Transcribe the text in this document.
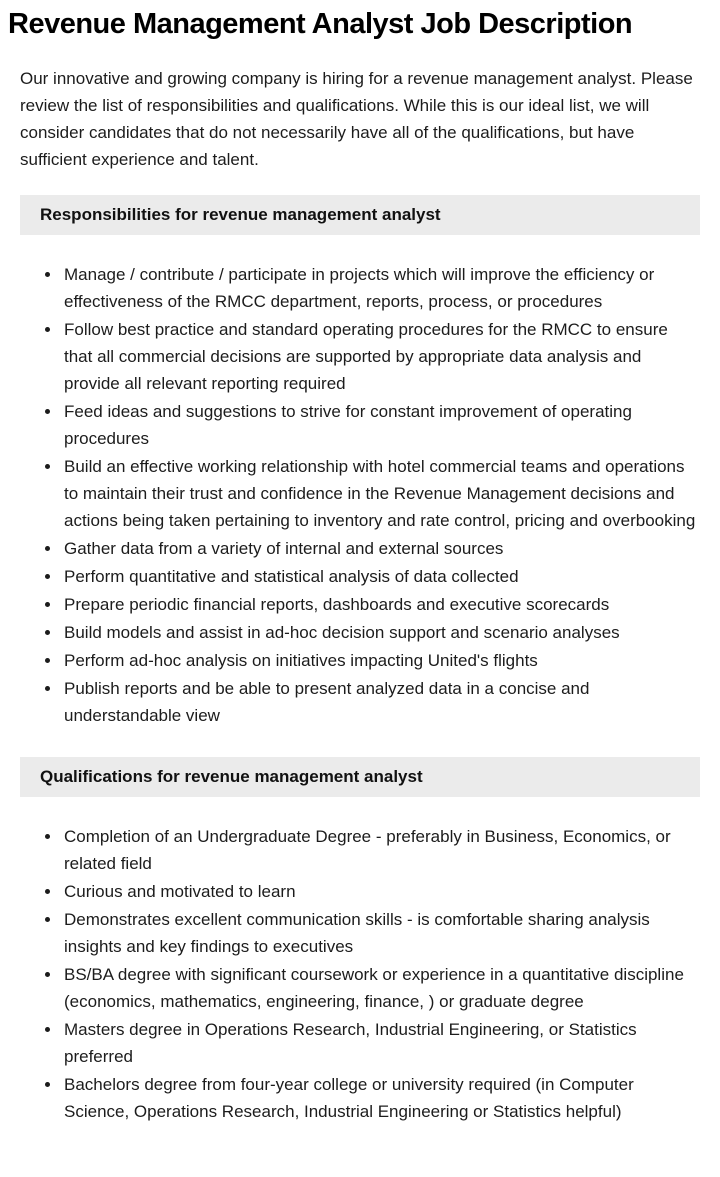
Revenue Management Analyst Job Description

Our innovative and growing company is hiring for a revenue management analyst. Please review the list of responsibilities and qualifications. While this is our ideal list, we will consider candidates that do not necessarily have all of the qualifications, but have sufficient experience and talent.

Responsibilities for revenue management analyst
• Manage / contribute / participate in projects which will improve the efficiency or effectiveness of the RMCC department, reports, process, or procedures
• Follow best practice and standard operating procedures for the RMCC to ensure that all commercial decisions are supported by appropriate data analysis and provide all relevant reporting required
• Feed ideas and suggestions to strive for constant improvement of operating procedures
• Build an effective working relationship with hotel commercial teams and operations to maintain their trust and confidence in the Revenue Management decisions and actions being taken pertaining to inventory and rate control, pricing and overbooking
• Gather data from a variety of internal and external sources
• Perform quantitative and statistical analysis of data collected
• Prepare periodic financial reports, dashboards and executive scorecards
• Build models and assist in ad-hoc decision support and scenario analyses
• Perform ad-hoc analysis on initiatives impacting United's flights
• Publish reports and be able to present analyzed data in a concise and understandable view
Qualifications for revenue management analyst
• Completion of an Undergraduate Degree - preferably in Business, Economics, or related field
• Curious and motivated to learn
• Demonstrates excellent communication skills - is comfortable sharing analysis insights and key findings to executives
• BS/BA degree with significant coursework or experience in a quantitative discipline (economics, mathematics, engineering, finance, ) or graduate degree
• Masters degree in Operations Research, Industrial Engineering, or Statistics preferred
• Bachelors degree from four-year college or university required (in Computer Science, Operations Research, Industrial Engineering or Statistics helpful)
